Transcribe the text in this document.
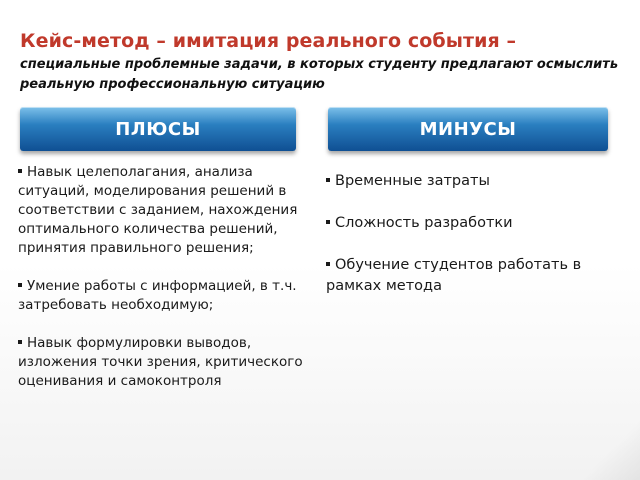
Кейс-метод – имитация реального события –

специальные проблемные задачи, в которых студенту предлагают осмыслить реальную профессиональную ситуацию

ПЛЮСЫ	МИНУСЫ

Навык целеполагания, анализа ситуаций, моделирования решений в соответствии с заданием, нахождения оптимального количества решений, принятия правильного решения;

Умение работы с информацией, в т.ч. затребовать необходимую;

Навык формулировки выводов, изложения точки зрения, критического оценивания и самоконтроля

Временные затраты

Сложность разработки

Обучение студентов работать в рамках метода
